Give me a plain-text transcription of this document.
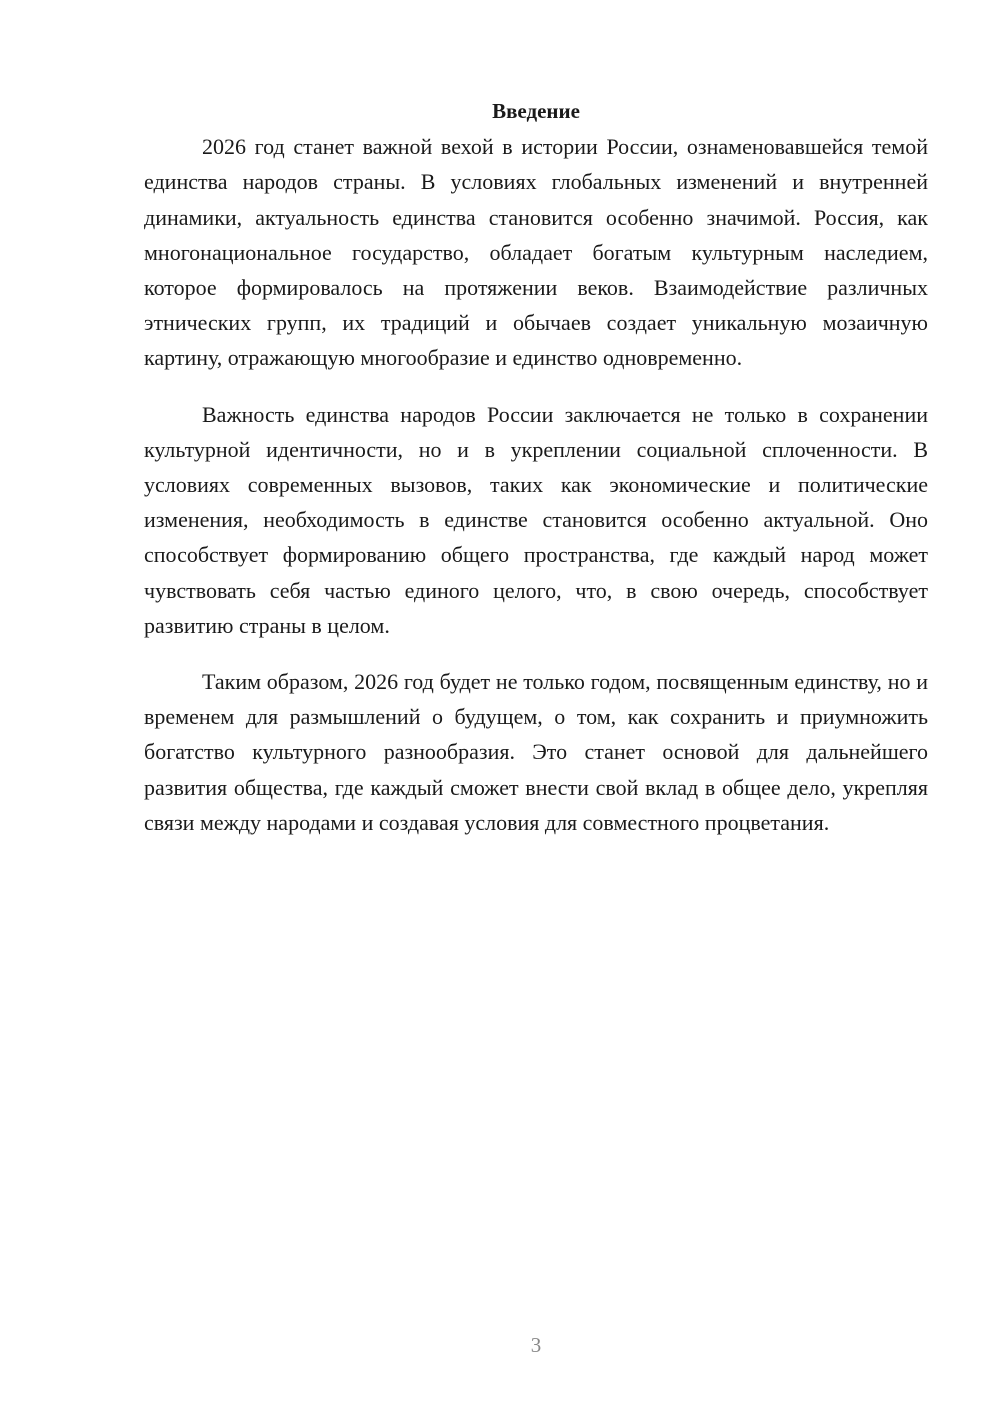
Введение

2026 год станет важной вехой в истории России, ознаменовавшейся темой единства народов страны. В условиях глобальных изменений и внутренней динамики, актуальность единства становится особенно значимой. Россия, как многонациональное государство, обладает богатым культурным наследием, которое формировалось на протяжении веков. Взаимодействие различных этнических групп, их традиций и обычаев создает уникальную мозаичную картину, отражающую многообразие и единство одновременно.

Важность единства народов России заключается не только в сохранении культурной идентичности, но и в укреплении социальной сплоченности. В условиях современных вызовов, таких как экономические и политические изменения, необходимость в единстве становится особенно актуальной. Оно способствует формированию общего пространства, где каждый народ может чувствовать себя частью единого целого, что, в свою очередь, способствует развитию страны в целом.

Таким образом, 2026 год будет не только годом, посвященным единству, но и временем для размышлений о будущем, о том, как сохранить и приумножить богатство культурного разнообразия. Это станет основой для дальнейшего развития общества, где каждый сможет внести свой вклад в общее дело, укрепляя связи между народами и создавая условия для совместного процветания.

3
